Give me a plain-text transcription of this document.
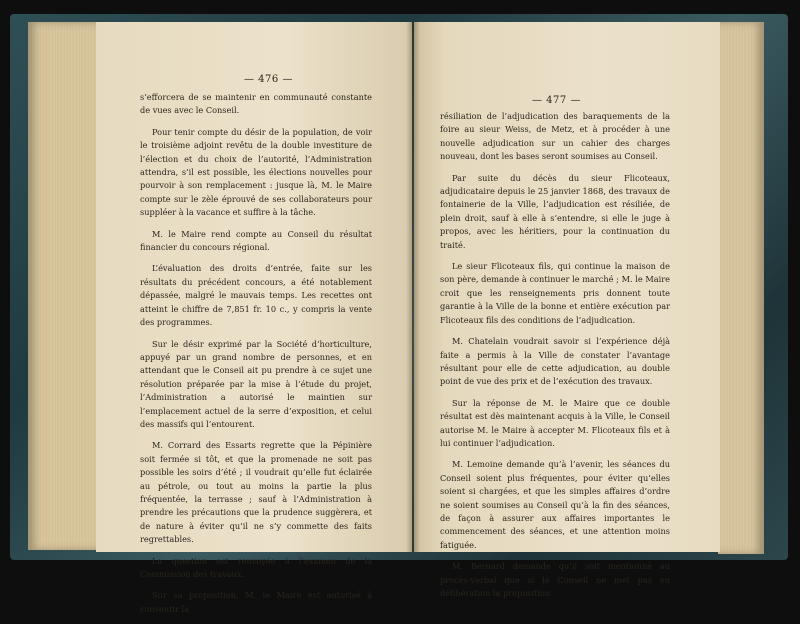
— 476 —

s’efforcera de se maintenir en communauté constante de vues avec le Conseil.

Pour tenir compte du désir de la population, de voir le troisième adjoint revêtu de la double investiture de l’élection et du choix de l’autorité, l’Administration attendra, s’il est possible, les élections nouvelles pour pourvoir à son remplacement : jusque là, M. le Maire compte sur le zèle éprouvé de ses collaborateurs pour suppléer à la vacance et suffire à la tâche.

M. le Maire rend compte au Conseil du résultat financier du concours régional.

L’évaluation des droits d’entrée, faite sur les résultats du précédent concours, a été notablement dépassée, malgré le mauvais temps. Les recettes ont atteint le chiffre de 7,851 fr. 10 c., y compris la vente des programmes.

Sur le désir exprimé par la Société d’horticulture, appuyé par un grand nombre de personnes, et en attendant que le Conseil ait pu prendre à ce sujet une résolution préparée par la mise à l’étude du projet, l’Administration a autorisé le maintien sur l’emplacement actuel de la serre d’exposition, et celui des massifs qui l’entourent.

M. Corrard des Essarts regrette que la Pépinière soit fermée si tôt, et que la promenade ne soit pas possible les soirs d’été ; il voudrait qu’elle fut éclairée au pétrole, ou tout au moins la partie la plus fréquentée, la terrasse ; sauf à l’Administration à prendre les précautions que la prudence suggèrera, et de nature à éviter qu’il ne s’y commette des faits regrettables.

La question est renvoyée à l’examen de la Commission des travaux.

Sur sa proposition, M. le Maire est autorisé à consentir la

— 477 —

résiliation de l’adjudication des baraquements de la foire au sieur Weiss, de Metz, et à procéder à une nouvelle adjudication sur un cahier des charges nouveau, dont les bases seront soumises au Conseil.

Par suite du décès du sieur Flicoteaux, adjudicataire depuis le 25 janvier 1868, des travaux de fontainerie de la Ville, l’adjudication est résiliée, de plein droit, sauf à elle à s’entendre, si elle le juge à propos, avec les héritiers, pour la continuation du traité.

Le sieur Flicoteaux fils, qui continue la maison de son père, demande à continuer le marché ; M. le Maire croit que les renseignements pris donnent toute garantie à la Ville de la bonne et entière exécution par Flicoteaux fils des conditions de l’adjudication.

M. Chatelain voudrait savoir si l’expérience déjà faite a permis à la Ville de constater l’avantage résultant pour elle de cette adjudication, au double point de vue des prix et de l’exécution des travaux.

Sur la réponse de M. le Maire que ce double résultat est dès maintenant acquis à la Ville, le Conseil autorise M. le Maire à accepter M. Flicoteaux fils et à lui continuer l’adjudication.

M. Lemoine demande qu’à l’avenir, les séances du Conseil soient plus fréquentes, pour éviter qu’elles soient si chargées, et que les simples affaires d’ordre ne soient soumises au Conseil qu’à la fin des séances, de façon à assurer aux affaires importantes le commencement des séances, et une attention moins fatiguée.

M. Bernard demande qu’il soit mentionné au procès-verbal que si le Conseil ne met pas en délibération la proposition
